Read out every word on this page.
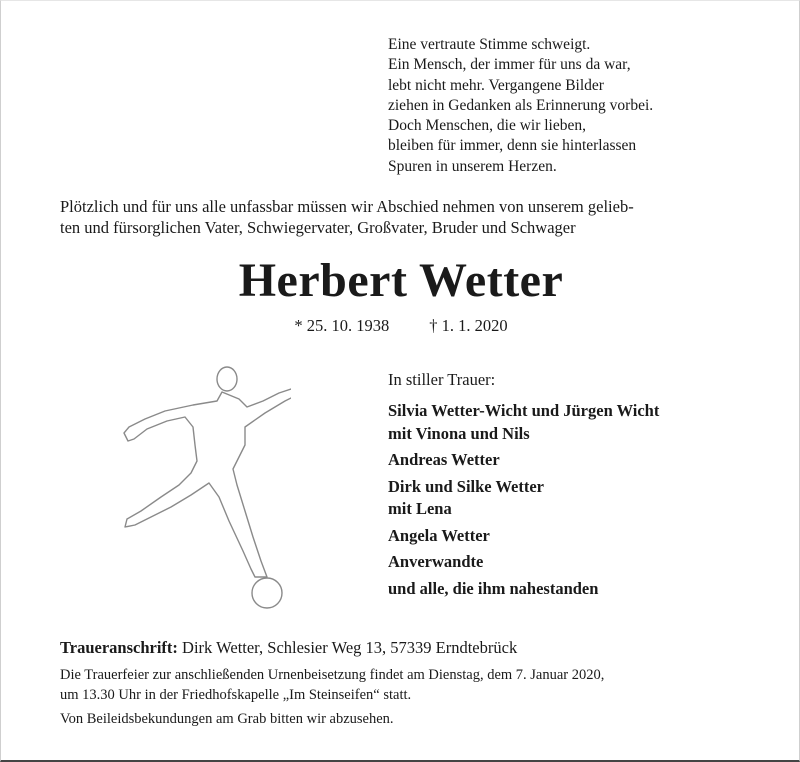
Eine vertraute Stimme schweigt.
Ein Mensch, der immer für uns da war,
lebt nicht mehr. Vergangene Bilder
ziehen in Gedanken als Erinnerung vorbei.
Doch Menschen, die wir lieben,
bleiben für immer, denn sie hinterlassen
Spuren in unserem Herzen.
Plötzlich und für uns alle unfassbar müssen wir Abschied nehmen von unserem gelieb-
ten und fürsorglichen Vater, Schwiegervater, Großvater, Bruder und Schwager
Herbert Wetter
* 25. 10. 1938 † 1. 1. 2020
In stiller Trauer:
Silvia Wetter-Wicht und Jürgen Wicht
mit Vinona und Nils
Andreas Wetter
Dirk und Silke Wetter
mit Lena
Angela Wetter
Anverwandte
und alle, die ihm nahestanden
Traueranschrift: Dirk Wetter, Schlesier Weg 13, 57339 Erndtebrück
Die Trauerfeier zur anschließenden Urnenbeisetzung findet am Dienstag, dem 7. Januar 2020,
um 13.30 Uhr in der Friedhofskapelle „Im Steinseifen“ statt.
Von Beileidsbekundungen am Grab bitten wir abzusehen.
